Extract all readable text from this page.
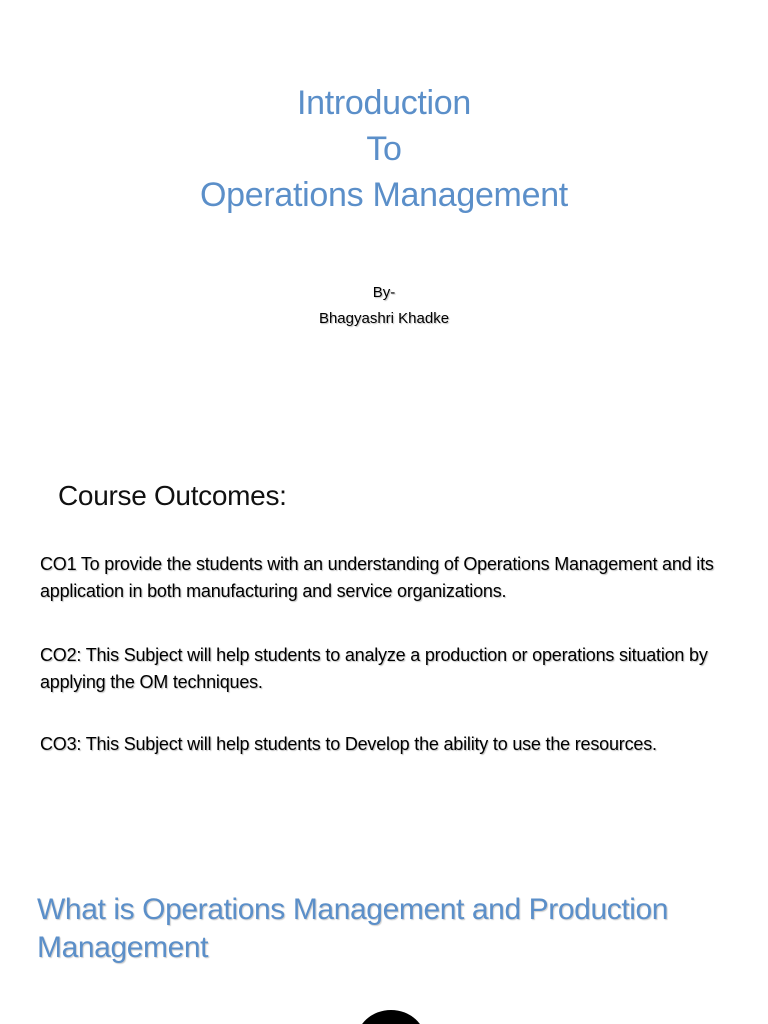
Introduction
To
Operations Management
By-
Bhagyashri Khadke
Course Outcomes:
CO1 To provide the students with an understanding of Operations Management and its application in both manufacturing and service organizations.
CO2: This Subject will help students to analyze a production or operations situation by applying the OM techniques.
CO3: This Subject will help students to Develop the ability to use the resources.
What is Operations Management and Production Management
